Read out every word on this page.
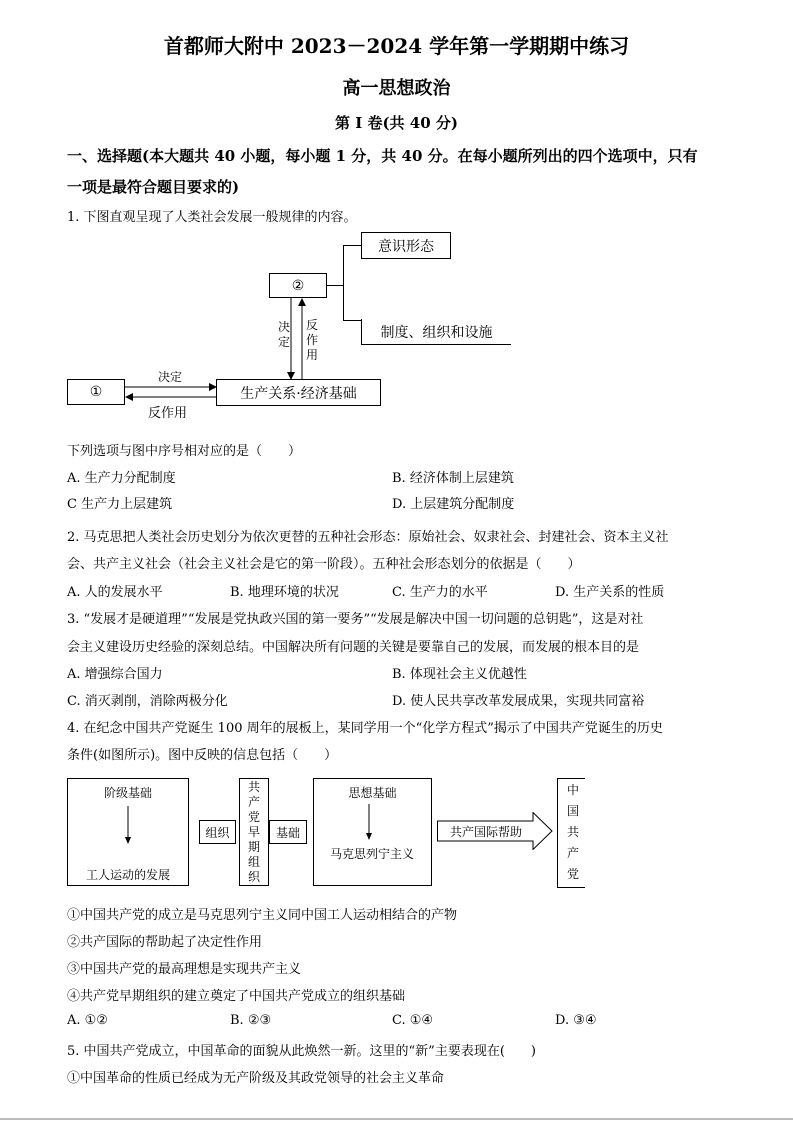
首都师大附中 2023－2024 学年第一学期期中练习
高一思想政治
第 I 卷(共 40 分)
一、选择题(本大题共 40 小题，每小题 1 分，共 40 分。在每小题所列出的四个选项中，只有
一项是最符合题目要求的)
1. 下图直观呈现了人类社会发展一般规律的内容。
意识形态
②
制度、组织和设施
决定
反作用
①	生产关系·经济基础
决定
反作用
下列选项与图中序号相对应的是（　　）
A. 生产力分配制度	B. 经济体制上层建筑
C 生产力上层建筑	D. 上层建筑分配制度
2. 马克思把人类社会历史划分为依次更替的五种社会形态：原始社会、奴隶社会、封建社会、资本主义社
会、共产主义社会（社会主义社会是它的第一阶段）。五种社会形态划分的依据是（　　）
A. 人的发展水平	B. 地理环境的状况	C. 生产力的水平	D. 生产关系的性质
3. “发展才是硬道理”“发展是党执政兴国的第一要务”“发展是解决中国一切问题的总钥匙”，这是对社
会主义建设历史经验的深刻总结。中国解决所有问题的关键是要靠自己的发展，而发展的根本目的是
A. 增强综合国力	B. 体现社会主义优越性
C. 消灭剥削，消除两极分化	D. 使人民共享改革发展成果，实现共同富裕
4. 在纪念中国共产党诞生 100 周年的展板上，某同学用一个“化学方程式”揭示了中国共产党诞生的历史
条件(如图所示)。图中反映的信息包括（　　）
阶级基础
工人运动的发展
组织
共产党早期组织
基础
思想基础
马克思列宁主义
共产国际帮助
中国共产党
①中国共产党的成立是马克思列宁主义同中国工人运动相结合的产物
②共产国际的帮助起了决定性作用
③中国共产党的最高理想是实现共产主义
④共产党早期组织的建立奠定了中国共产党成立的组织基础
A. ①②	B. ②③	C. ①④	D. ③④
5. 中国共产党成立，中国革命的面貌从此焕然一新。这里的“新”主要表现在(　　)
①中国革命的性质已经成为无产阶级及其政党领导的社会主义革命
